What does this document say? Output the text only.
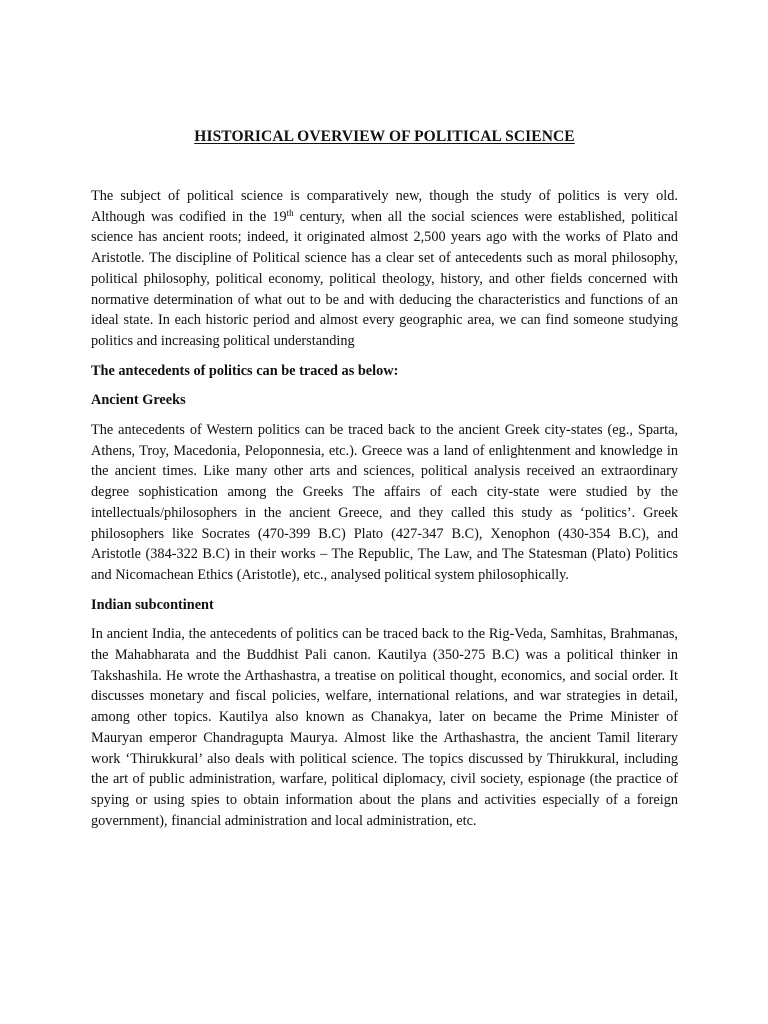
HISTORICAL OVERVIEW OF POLITICAL SCIENCE

The subject of political science is comparatively new, though the study of politics is very old. Although was codified in the 19th century, when all the social sciences were established, political science has ancient roots; indeed, it originated almost 2,500 years ago with the works of Plato and Aristotle. The discipline of Political science has a clear set of antecedents such as moral philosophy, political philosophy, political economy, political theology, history, and other fields concerned with normative determination of what out to be and with deducing the characteristics and functions of an ideal state. In each historic period and almost every geographic area, we can find someone studying politics and increasing political understanding

The antecedents of politics can be traced as below:

Ancient Greeks

The antecedents of Western politics can be traced back to the ancient Greek city-states (eg., Sparta, Athens, Troy, Macedonia, Peloponnesia, etc.). Greece was a land of enlightenment and knowledge in the ancient times. Like many other arts and sciences, political analysis received an extraordinary degree sophistication among the Greeks The affairs of each city-state were studied by the intellectuals/philosophers in the ancient Greece, and they called this study as ‘politics’. Greek philosophers like Socrates (470-399 B.C) Plato (427-347 B.C), Xenophon (430-354 B.C), and Aristotle (384-322 B.C) in their works – The Republic, The Law, and The Statesman (Plato) Politics and Nicomachean Ethics (Aristotle), etc., analysed political system philosophically.

Indian subcontinent

In ancient India, the antecedents of politics can be traced back to the Rig-Veda, Samhitas, Brahmanas, the Mahabharata and the Buddhist Pali canon. Kautilya (350-275 B.C) was a political thinker in Takshashila. He wrote the Arthashastra, a treatise on political thought, economics, and social order. It discusses monetary and fiscal policies, welfare, international relations, and war strategies in detail, among other topics. Kautilya also known as Chanakya, later on became the Prime Minister of Mauryan emperor Chandragupta Maurya. Almost like the Arthashastra, the ancient Tamil literary work ‘Thirukkural’ also deals with political science. The topics discussed by Thirukkural, including the art of public administration, warfare, political diplomacy, civil society, espionage (the practice of spying or using spies to obtain information about the plans and activities especially of a foreign government), financial administration and local administration, etc.
